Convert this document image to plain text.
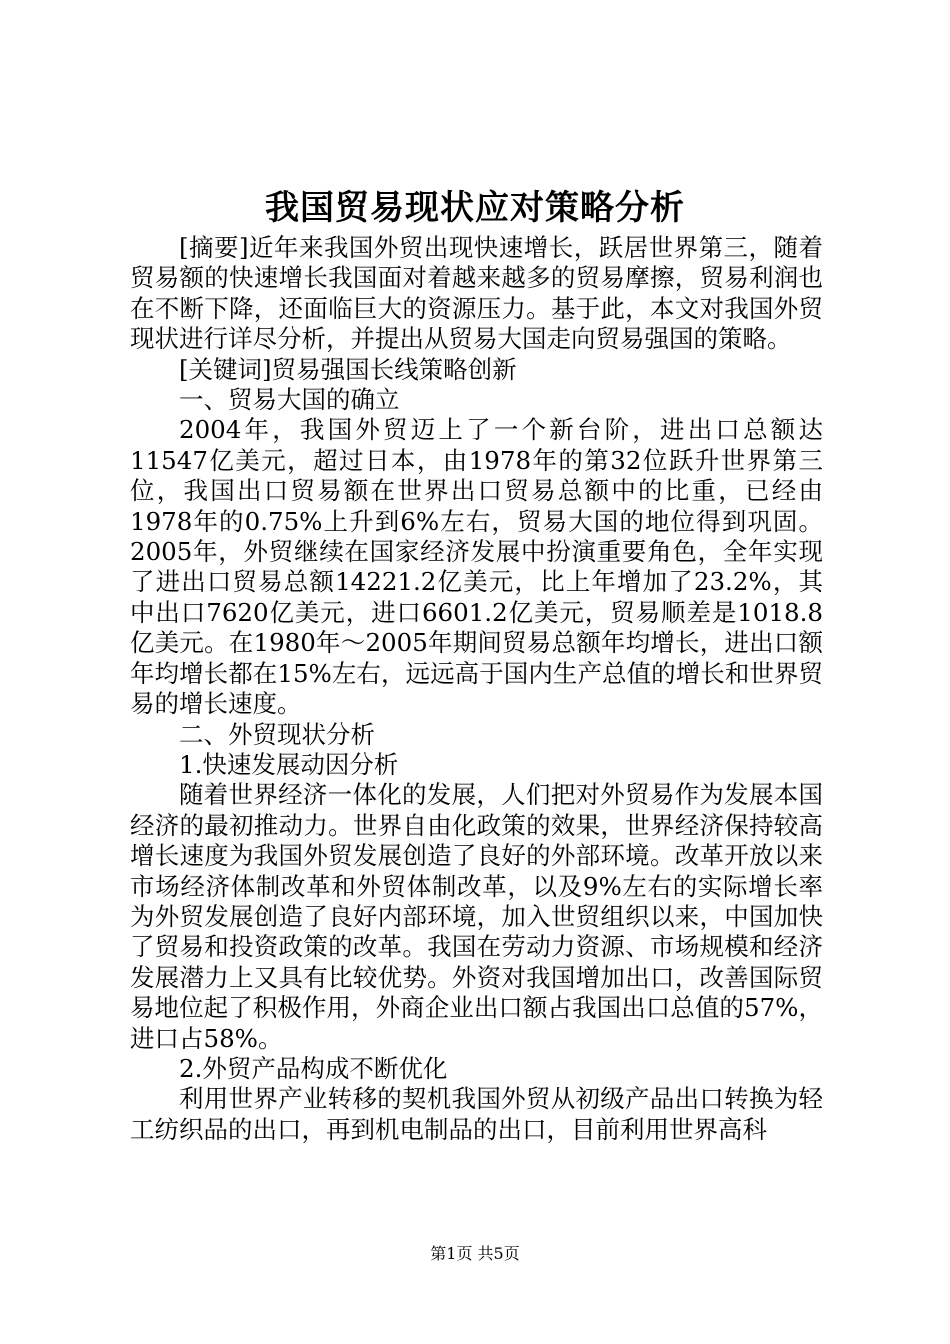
我国贸易现状应对策略分析

[摘要]近年来我国外贸出现快速增长，跃居世界第三，随着贸易额的快速增长我国面对着越来越多的贸易摩擦，贸易利润也在不断下降，还面临巨大的资源压力。基于此，本文对我国外贸现状进行详尽分析，并提出从贸易大国走向贸易强国的策略。

[关键词]贸易强国长线策略创新

一、贸易大国的确立

2004年，我国外贸迈上了一个新台阶，进出口总额达11547亿美元，超过日本，由1978年的第32位跃升世界第三位，我国出口贸易额在世界出口贸易总额中的比重，已经由1978年的0.75%上升到6%左右，贸易大国的地位得到巩固。2005年，外贸继续在国家经济发展中扮演重要角色，全年实现了进出口贸易总额14221.2亿美元，比上年增加了23.2%，其中出口7620亿美元，进口6601.2亿美元，贸易顺差是1018.8亿美元。在1980年～2005年期间贸易总额年均增长，进出口额年均增长都在15%左右，远远高于国内生产总值的增长和世界贸易的增长速度。

二、外贸现状分析

1.快速发展动因分析

随着世界经济一体化的发展，人们把对外贸易作为发展本国经济的最初推动力。世界自由化政策的效果，世界经济保持较高增长速度为我国外贸发展创造了良好的外部环境。改革开放以来市场经济体制改革和外贸体制改革，以及9%左右的实际增长率为外贸发展创造了良好内部环境，加入世贸组织以来，中国加快了贸易和投资政策的改革。我国在劳动力资源、市场规模和经济发展潜力上又具有比较优势。外资对我国增加出口，改善国际贸易地位起了积极作用，外商企业出口额占我国出口总值的57%，进口占58%。

2.外贸产品构成不断优化

利用世界产业转移的契机我国外贸从初级产品出口转换为轻工纺织品的出口，再到机电制品的出口，目前利用世界高科

第1页 共5页
